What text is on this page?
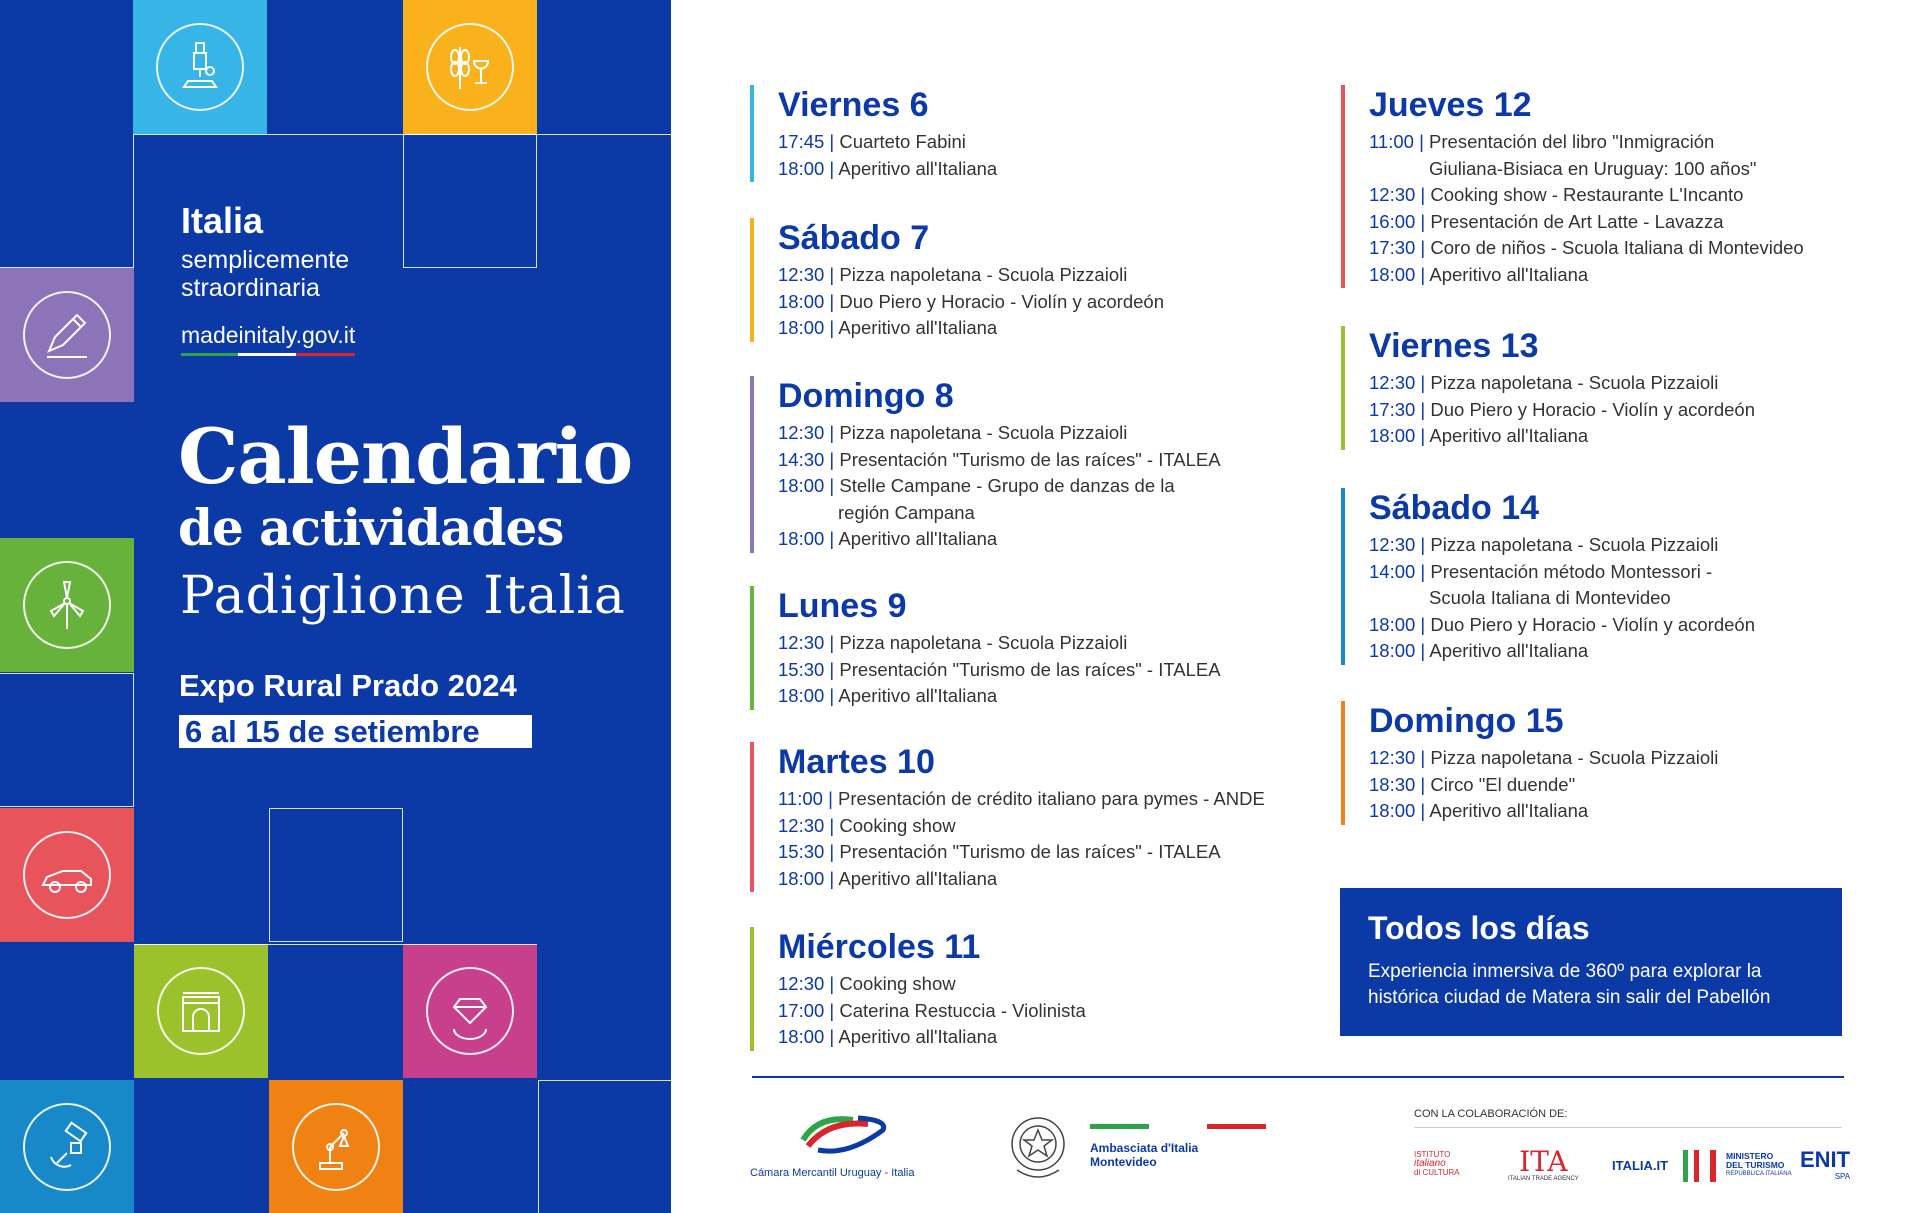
Italia
semplicemente
straordinaria
madeinitaly.gov.it
Calendario
de actividades
Padiglione Italia
Expo Rural Prado 2024
6 al 15 de setiembre
Viernes 6
17:45 | Cuarteto Fabini
18:00 | Aperitivo all'Italiana
Sábado 7
12:30 | Pizza napoletana - Scuola Pizzaioli
18:00 | Duo Piero y Horacio - Violín y acordeón
18:00 | Aperitivo all'Italiana
Domingo 8
12:30 | Pizza napoletana - Scuola Pizzaioli
14:30 | Presentación "Turismo de las raíces" - ITALEA
18:00 | Stelle Campane - Grupo de danzas de la
región Campana
18:00 | Aperitivo all'Italiana
Lunes 9
12:30 | Pizza napoletana - Scuola Pizzaioli
15:30 | Presentación "Turismo de las raíces" - ITALEA
18:00 | Aperitivo all'Italiana
Martes 10
11:00 | Presentación de crédito italiano para pymes - ANDE
12:30 | Cooking show
15:30 | Presentación "Turismo de las raíces" - ITALEA
18:00 | Aperitivo all'Italiana
Miércoles 11
12:30 | Cooking show
17:00 | Caterina Restuccia - Violinista
18:00 | Aperitivo all'Italiana
Jueves 12
11:00 | Presentación del libro "Inmigración
Giuliana-Bisiaca en Uruguay: 100 años"
12:30 | Cooking show - Restaurante L'Incanto
16:00 | Presentación de Art Latte - Lavazza
17:30 | Coro de niños - Scuola Italiana di Montevideo
18:00 | Aperitivo all'Italiana
Viernes 13
12:30 | Pizza napoletana - Scuola Pizzaioli
17:30 | Duo Piero y Horacio - Violín y acordeón
18:00 | Aperitivo all'Italiana
Sábado 14
12:30 | Pizza napoletana - Scuola Pizzaioli
14:00 | Presentación método Montessori -
Scuola Italiana di Montevideo
18:00 | Duo Piero y Horacio - Violín y acordeón
18:00 | Aperitivo all'Italiana
Domingo 15
12:30 | Pizza napoletana - Scuola Pizzaioli
18:30 | Circo "El duende"
18:00 | Aperitivo all'Italiana
Todos los días
Experiencia inmersiva de 360º para explorar la
histórica ciudad de Matera sin salir del Pabellón
Cámara Mercantil Uruguay - Italia
Ambasciata d'Italia
Montevideo
CON LA COLABORACIÓN DE:
ISTITUTO
italiano
di CULTURA	ITA
ITALIAN TRADE AGENCY
ITALIA.IT
MINISTERO
DEL TURISMO
REPUBBLICA ITALIANA
ENIT
SPA
